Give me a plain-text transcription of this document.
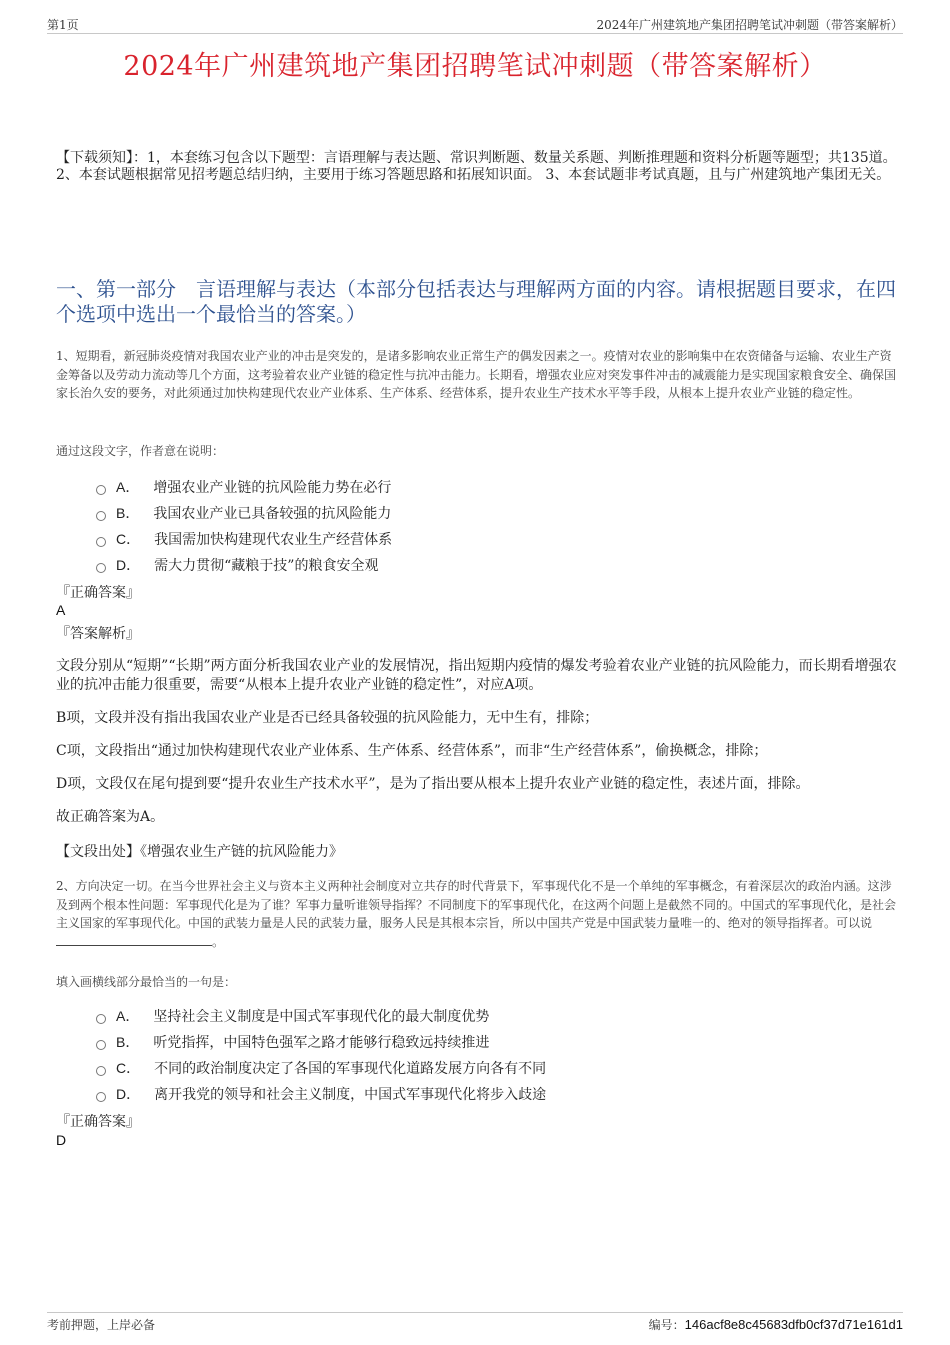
第1页	2024年广州建筑地产集团招聘笔试冲刺题（带答案解析）
2024年广州建筑地产集团招聘笔试冲刺题（带答案解析）
【下载须知】：1，本套练习包含以下题型：言语理解与表达题、常识判断题、数量关系题、判断推理题和资料分析题等题型；共135道。 2、本套试题根据常见招考题总结归纳，主要用于练习答题思路和拓展知识面。 3、本套试题非考试真题，且与广州建筑地产集团无关。
一、第一部分　言语理解与表达（本部分包括表达与理解两方面的内容。请根据题目要求，在四个选项中选出一个最恰当的答案。）
1、短期看，新冠肺炎疫情对我国农业产业的冲击是突发的，是诸多影响农业正常生产的偶发因素之一。疫情对农业的影响集中在农资储备与运输、农业生产资金筹备以及劳动力流动等几个方面，这考验着农业产业链的稳定性与抗冲击能力。长期看，增强农业应对突发事件冲击的减震能力是实现国家粮食安全、确保国家长治久安的要务，对此须通过加快构建现代农业产业体系、生产体系、经营体系，提升农业生产技术水平等手段，从根本上提升农业产业链的稳定性。
通过这段文字，作者意在说明：
A． 增强农业产业链的抗风险能力势在必行
B． 我国农业产业已具备较强的抗风险能力
C． 我国需加快构建现代农业生产经营体系
D． 需大力贯彻“藏粮于技”的粮食安全观
『正确答案』
A
『答案解析』
文段分别从“短期”“长期”两方面分析我国农业产业的发展情况，指出短期内疫情的爆发考验着农业产业链的抗风险能力，而长期看增强农业的抗冲击能力很重要，需要“从根本上提升农业产业链的稳定性”，对应A项。
B项，文段并没有指出我国农业产业是否已经具备较强的抗风险能力，无中生有，排除；
C项，文段指出“通过加快构建现代农业产业体系、生产体系、经营体系”，而非“生产经营体系”，偷换概念，排除；
D项，文段仅在尾句提到要“提升农业生产技术水平”，是为了指出要从根本上提升农业产业链的稳定性，表述片面，排除。
故正确答案为A。
【文段出处】《增强农业生产链的抗风险能力》
2、方向决定一切。在当今世界社会主义与资本主义两种社会制度对立共存的时代背景下，军事现代化不是一个单纯的军事概念，有着深层次的政治内涵。这涉及到两个根本性问题：军事现代化是为了谁？军事力量听谁领导指挥？不同制度下的军事现代化，在这两个问题上是截然不同的。中国式的军事现代化，是社会主义国家的军事现代化。中国的武装力量是人民的武装力量，服务人民是其根本宗旨，所以中国共产党是中国武装力量唯一的、绝对的领导指挥者。可以说。
填入画横线部分最恰当的一句是：
A． 坚持社会主义制度是中国式军事现代化的最大制度优势
B． 听党指挥，中国特色强军之路才能够行稳致远持续推进
C． 不同的政治制度决定了各国的军事现代化道路发展方向各有不同
D． 离开我党的领导和社会主义制度，中国式军事现代化将步入歧途
『正确答案』
D
考前押题，上岸必备	编号：146acf8e8c45683dfb0cf37d71e161d1
